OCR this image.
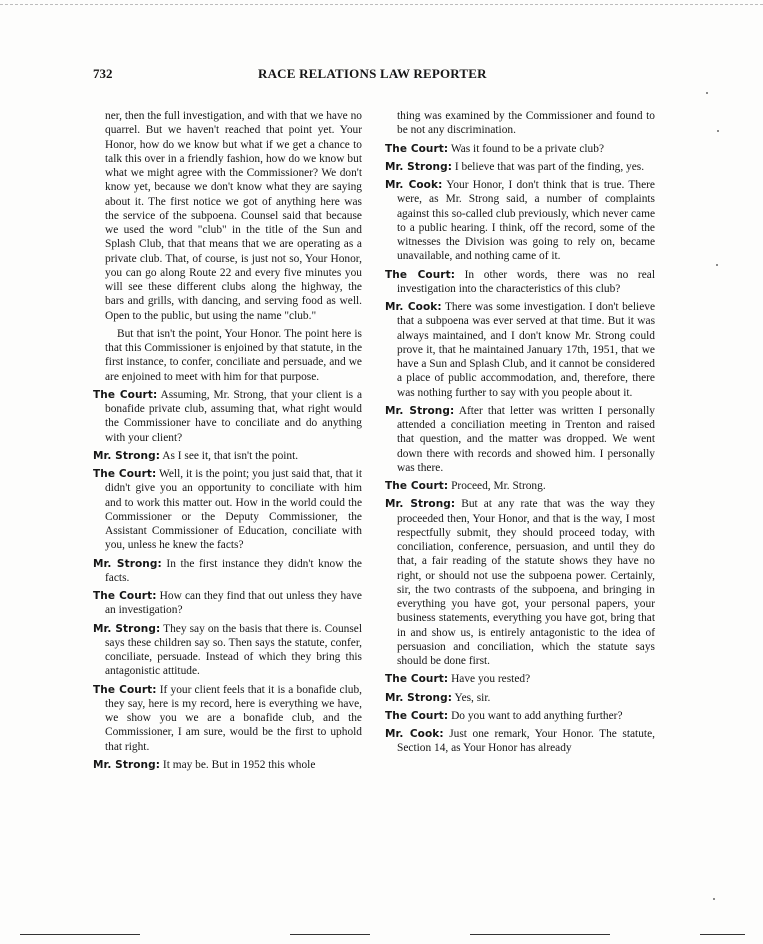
732	RACE RELATIONS LAW REPORTER

ner, then the full investigation, and with that we have no quarrel. But we haven't reached that point yet. Your Honor, how do we know but what if we get a chance to talk this over in a friendly fashion, how do we know but what we might agree with the Commissioner? We don't know yet, because we don't know what they are saying about it. The first notice we got of anything here was the service of the subpoena. Counsel said that because we used the word "club" in the title of the Sun and Splash Club, that that means that we are operating as a private club. That, of course, is just not so, Your Honor, you can go along Route 22 and every five minutes you will see these different clubs along the highway, the bars and grills, with dancing, and serving food as well. Open to the public, but using the name "club."

But that isn't the point, Your Honor. The point here is that this Commissioner is enjoined by that statute, in the first instance, to confer, conciliate and persuade, and we are enjoined to meet with him for that purpose.

The Court: Assuming, Mr. Strong, that your client is a bonafide private club, assuming that, what right would the Commissioner have to conciliate and do anything with your client?

Mr. Strong: As I see it, that isn't the point.

The Court: Well, it is the point; you just said that, that it didn't give you an opportunity to conciliate with him and to work this matter out. How in the world could the Commissioner or the Deputy Commissioner, the Assistant Commissioner of Education, conciliate with you, unless he knew the facts?

Mr. Strong: In the first instance they didn't know the facts.

The Court: How can they find that out unless they have an investigation?

Mr. Strong: They say on the basis that there is. Counsel says these children say so. Then says the statute, confer, conciliate, persuade. Instead of which they bring this antagonistic attitude.

The Court: If your client feels that it is a bonafide club, they say, here is my record, here is everything we have, we show you we are a bonafide club, and the Commissioner, I am sure, would be the first to uphold that right.

Mr. Strong: It may be. But in 1952 this whole

thing was examined by the Commissioner and found to be not any discrimination.

The Court: Was it found to be a private club?

Mr. Strong: I believe that was part of the finding, yes.

Mr. Cook: Your Honor, I don't think that is true. There were, as Mr. Strong said, a number of complaints against this so-called club previously, which never came to a public hearing. I think, off the record, some of the witnesses the Division was going to rely on, became unavailable, and nothing came of it.

The Court: In other words, there was no real investigation into the characteristics of this club?

Mr. Cook: There was some investigation. I don't believe that a subpoena was ever served at that time. But it was always maintained, and I don't know Mr. Strong could prove it, that he maintained January 17th, 1951, that we have a Sun and Splash Club, and it cannot be considered a place of public accommodation, and, therefore, there was nothing further to say with you people about it.

Mr. Strong: After that letter was written I personally attended a conciliation meeting in Trenton and raised that question, and the matter was dropped. We went down there with records and showed him. I personally was there.

The Court: Proceed, Mr. Strong.

Mr. Strong: But at any rate that was the way they proceeded then, Your Honor, and that is the way, I most respectfully submit, they should proceed today, with conciliation, conference, persuasion, and until they do that, a fair reading of the statute shows they have no right, or should not use the subpoena power. Certainly, sir, the two contrasts of the subpoena, and bringing in everything you have got, your personal papers, your business statements, everything you have got, bring that in and show us, is entirely antagonistic to the idea of persuasion and conciliation, which the statute says should be done first.

The Court: Have you rested?

Mr. Strong: Yes, sir.

The Court: Do you want to add anything further?

Mr. Cook: Just one remark, Your Honor. The statute, Section 14, as Your Honor has already
